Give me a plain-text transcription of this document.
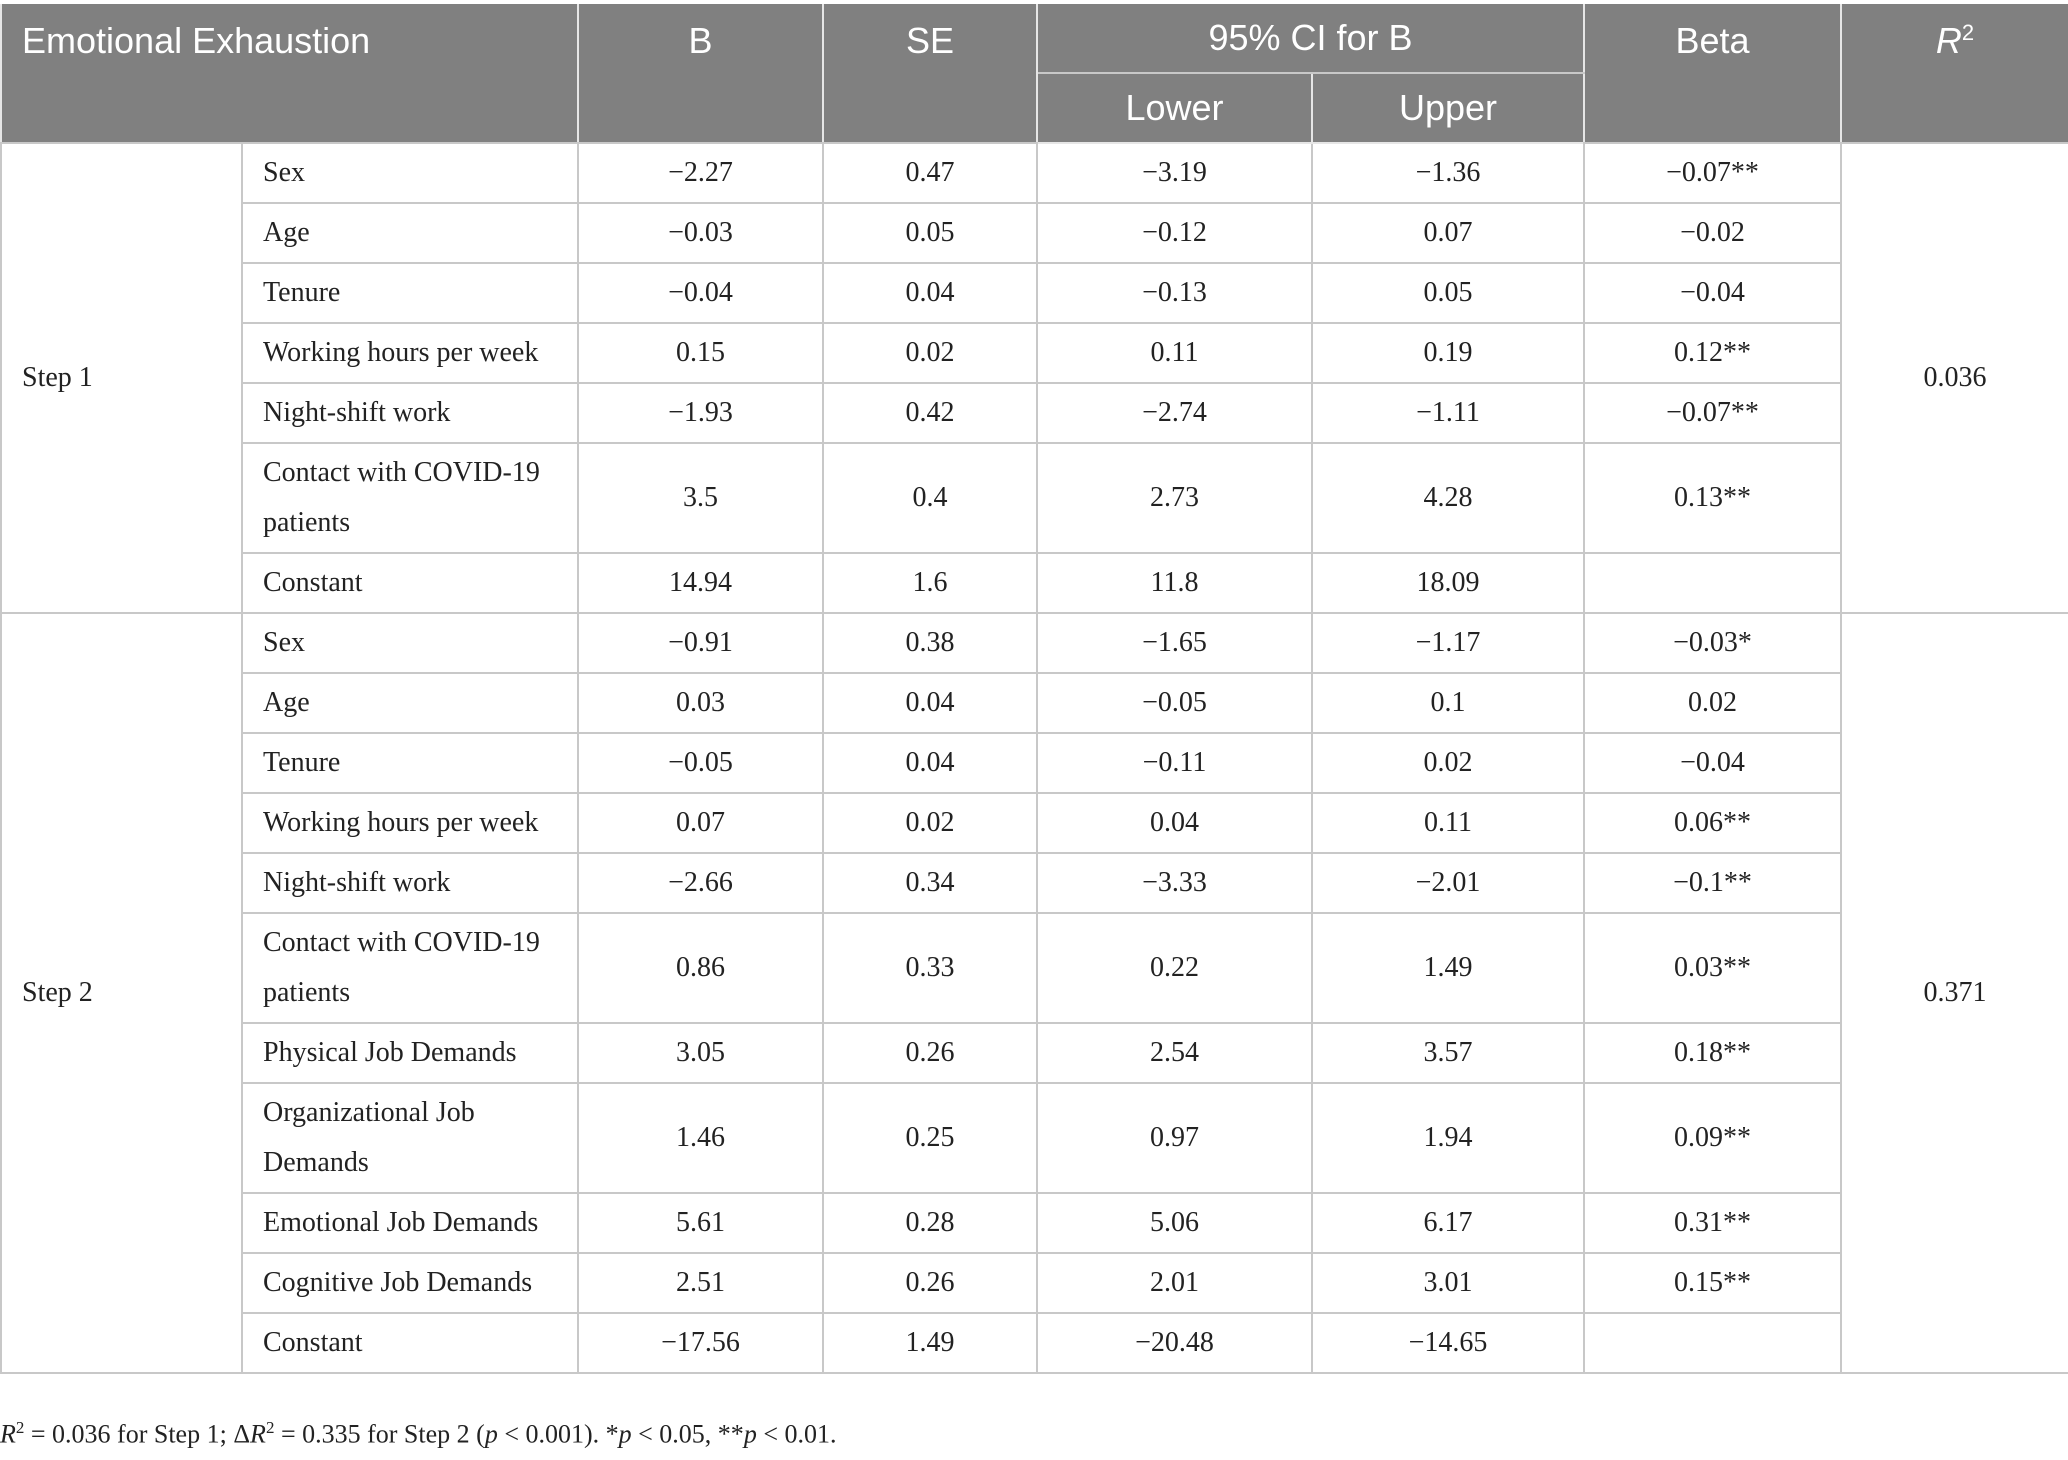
Emotional Exhaustion		B	SE	95% CI for B		Beta	$R^2$
				Lower	Upper		
Step 1	Sex	−2.27	0.47	−3.19	−1.36	−0.07**	0.036
	Age	−0.03	0.05	−0.12	0.07	−0.02	
	Tenure	−0.04	0.04	−0.13	0.05	−0.04	
	Working hours per week	0.15	0.02	0.11	0.19	0.12**	
	Night-shift work	−1.93	0.42	−2.74	−1.11	−0.07**	
	Contact with COVID-19 patients	3.5	0.4	2.73	4.28	0.13**	
	Constant	14.94	1.6	11.8	18.09		
Step 2	Sex	−0.91	0.38	−1.65	−1.17	−0.03*	0.371
	Age	0.03	0.04	−0.05	0.1	0.02	
	Tenure	−0.05	0.04	−0.11	0.02	−0.04	
	Working hours per week	0.07	0.02	0.04	0.11	0.06**	
	Night-shift work	−2.66	0.34	−3.33	−2.01	−0.1**	
	Contact with COVID-19 patients	0.86	0.33	0.22	1.49	0.03**	
	Physical Job Demands	3.05	0.26	2.54	3.57	0.18**	
	Organizational Job Demands	1.46	0.25	0.97	1.94	0.09**	
	Emotional Job Demands	5.61	0.28	5.06	6.17	0.31**	
	Cognitive Job Demands	2.51	0.26	2.01	3.01	0.15**	
	Constant	−17.56	1.49	−20.48	−14.65		
$R^2 = 0.036$ for Step 1; $\Delta R^2 = 0.335$ for Step 2 (p < 0.001). *p < 0.05, **p < 0.01.
